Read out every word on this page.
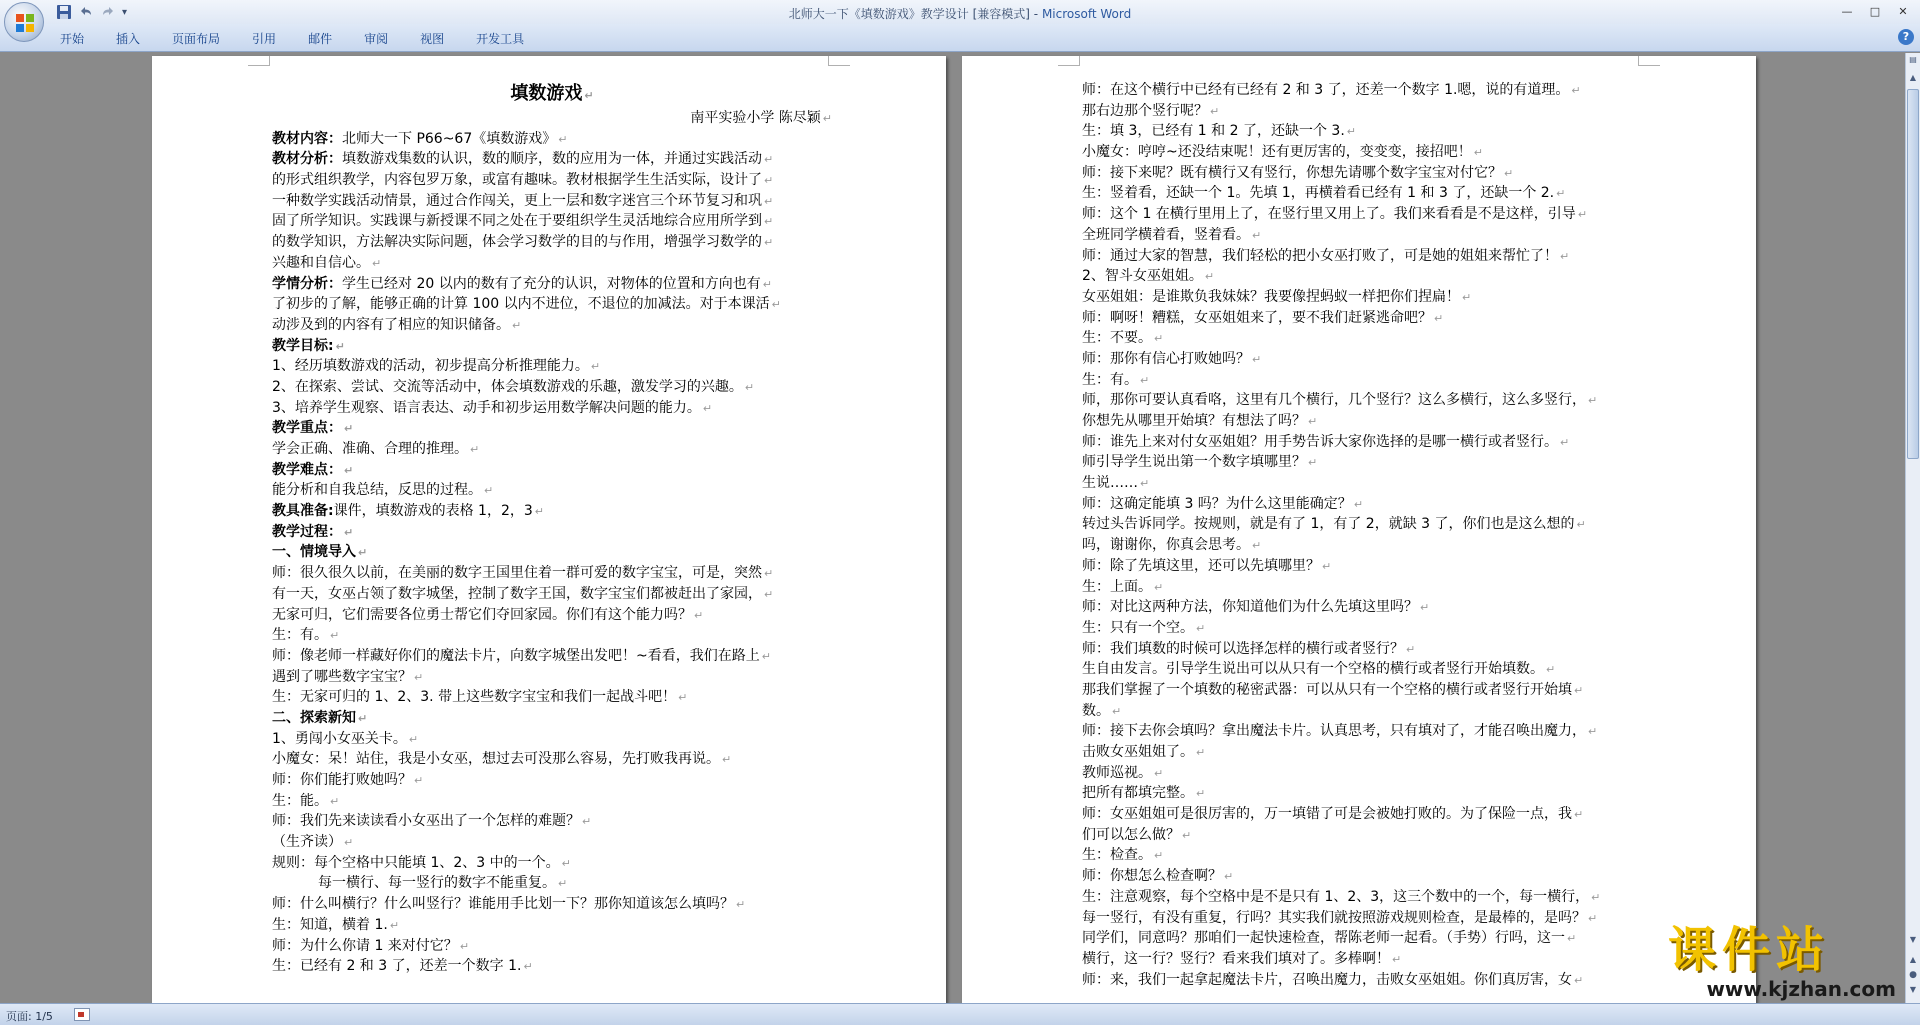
▾	北师大一下《填数游戏》教学设计 [兼容模式] - Microsoft Word	—	□	✕
开始	插入	页面布局	引用	邮件	审阅	视图	开发工具	?
填数游戏 ↵
南平实验小学 陈尽颖 ↵
教材内容：北师大一下 P66~67《填数游戏》 ↵
教材分析：填数游戏集数的认识，数的顺序，数的应用为一体，并通过实践活动 ↵
的形式组织教学，内容包罗万象，或富有趣味。教材根据学生生活实际，设计了 ↵
一种数学实践活动情景，通过合作闯关，更上一层和数字迷宫三个环节复习和巩 ↵
固了所学知识。实践课与新授课不同之处在于要组织学生灵活地综合应用所学到 ↵
的数学知识，方法解决实际问题，体会学习数学的目的与作用，增强学习数学的 ↵
兴趣和自信心。 ↵
学情分析：学生已经对 20 以内的数有了充分的认识，对物体的位置和方向也有 ↵
了初步的了解，能够正确的计算 100 以内不进位，不退位的加减法。对于本课活 ↵
动涉及到的内容有了相应的知识储备。 ↵
教学目标: ↵
1、经历填数游戏的活动，初步提高分析推理能力。 ↵
2、在探索、尝试、交流等活动中，体会填数游戏的乐趣，激发学习的兴趣。 ↵
3、培养学生观察、语言表达、动手和初步运用数学解决问题的能力。 ↵
教学重点： ↵
学会正确、准确、合理的推理。 ↵
教学难点： ↵
能分析和自我总结，反思的过程。 ↵
教具准备:课件，填数游戏的表格 1，2，3 ↵
教学过程： ↵
一、情境导入 ↵
师：很久很久以前，在美丽的数字王国里住着一群可爱的数字宝宝，可是，突然 ↵
有一天，女巫占领了数字城堡，控制了数字王国，数字宝宝们都被赶出了家园， ↵
无家可归，它们需要各位勇士帮它们夺回家园。你们有这个能力吗？ ↵
生：有。 ↵
师：像老师一样藏好你们的魔法卡片，向数字城堡出发吧！~看看，我们在路上 ↵
遇到了哪些数字宝宝？ ↵
生：无家可归的 1、2、3. 带上这些数字宝宝和我们一起战斗吧！ ↵
二、探索新知 ↵
1、勇闯小女巫关卡。 ↵
小魔女：呆！站住，我是小女巫，想过去可没那么容易，先打败我再说。 ↵
师：你们能打败她吗？ ↵
生：能。 ↵
师：我们先来读读看小女巫出了一个怎样的难题？ ↵
（生齐读） ↵
规则：每个空格中只能填 1、2、3 中的一个。 ↵
每一横行、每一竖行的数字不能重复。 ↵
师：什么叫横行？什么叫竖行？谁能用手比划一下？那你知道该怎么填吗？ ↵
生：知道，横着 1. ↵
师：为什么你请 1 来对付它？ ↵
生：已经有 2 和 3 了，还差一个数字 1. ↵
师：在这个横行中已经有已经有 2 和 3 了，还差一个数字 1.嗯，说的有道理。 ↵
那右边那个竖行呢？ ↵
生：填 3，已经有 1 和 2 了，还缺一个 3. ↵
小魔女：哼哼~还没结束呢！还有更厉害的，变变变，接招吧！ ↵
师：接下来呢？既有横行又有竖行，你想先请哪个数字宝宝对付它？ ↵
生：竖着看，还缺一个 1。先填 1，再横着看已经有 1 和 3 了，还缺一个 2. ↵
师：这个 1 在横行里用上了，在竖行里又用上了。我们来看看是不是这样，引导 ↵
全班同学横着看，竖着看。 ↵
师：通过大家的智慧，我们轻松的把小女巫打败了，可是她的姐姐来帮忙了！ ↵
2、智斗女巫姐姐。 ↵
女巫姐姐：是谁欺负我妹妹？我要像捏蚂蚁一样把你们捏扁！ ↵
师：啊呀！糟糕，女巫姐姐来了，要不我们赶紧逃命吧？ ↵
生：不要。 ↵
师：那你有信心打败她吗？ ↵
生：有。 ↵
师，那你可要认真看咯，这里有几个横行，几个竖行？这么多横行，这么多竖行， ↵
你想先从哪里开始填？有想法了吗？ ↵
师：谁先上来对付女巫姐姐？用手势告诉大家你选择的是哪一横行或者竖行。 ↵
师引导学生说出第一个数字填哪里？ ↵
生说…… ↵
师：这确定能填 3 吗？为什么这里能确定？ ↵
转过头告诉同学。按规则，就是有了 1，有了 2，就缺 3 了，你们也是这么想的 ↵
吗，谢谢你，你真会思考。 ↵
师：除了先填这里，还可以先填哪里？ ↵
生：上面。 ↵
师：对比这两种方法，你知道他们为什么先填这里吗？ ↵
生：只有一个空。 ↵
师：我们填数的时候可以选择怎样的横行或者竖行？ ↵
生自由发言。引导学生说出可以从只有一个空格的横行或者竖行开始填数。 ↵
那我们掌握了一个填数的秘密武器：可以从只有一个空格的横行或者竖行开始填 ↵
数。 ↵
师：接下去你会填吗？拿出魔法卡片。认真思考，只有填对了，才能召唤出魔力， ↵
击败女巫姐姐了。 ↵
教师巡视。 ↵
把所有都填完整。 ↵
师：女巫姐姐可是很厉害的，万一填错了可是会被她打败的。为了保险一点，我 ↵
们可以怎么做？ ↵
生：检查。 ↵
师：你想怎么检查啊？ ↵
生：注意观察，每个空格中是不是只有 1、2、3，这三个数中的一个，每一横行， ↵
每一竖行，有没有重复，行吗？其实我们就按照游戏规则检查，是最棒的，是吗？ ↵
同学们，同意吗？那咱们一起快速检查，帮陈老师一起看。（手势）行吗，这一 ↵
横行，这一行？竖行？看来我们填对了。多棒啊！ ↵
师：来，我们一起拿起魔法卡片，召唤出魔力，击败女巫姐姐。你们真厉害，女 ↵
▤
▲
▼
▲
●
▼
页面: 1/5
课件站
www.kjzhan.com
